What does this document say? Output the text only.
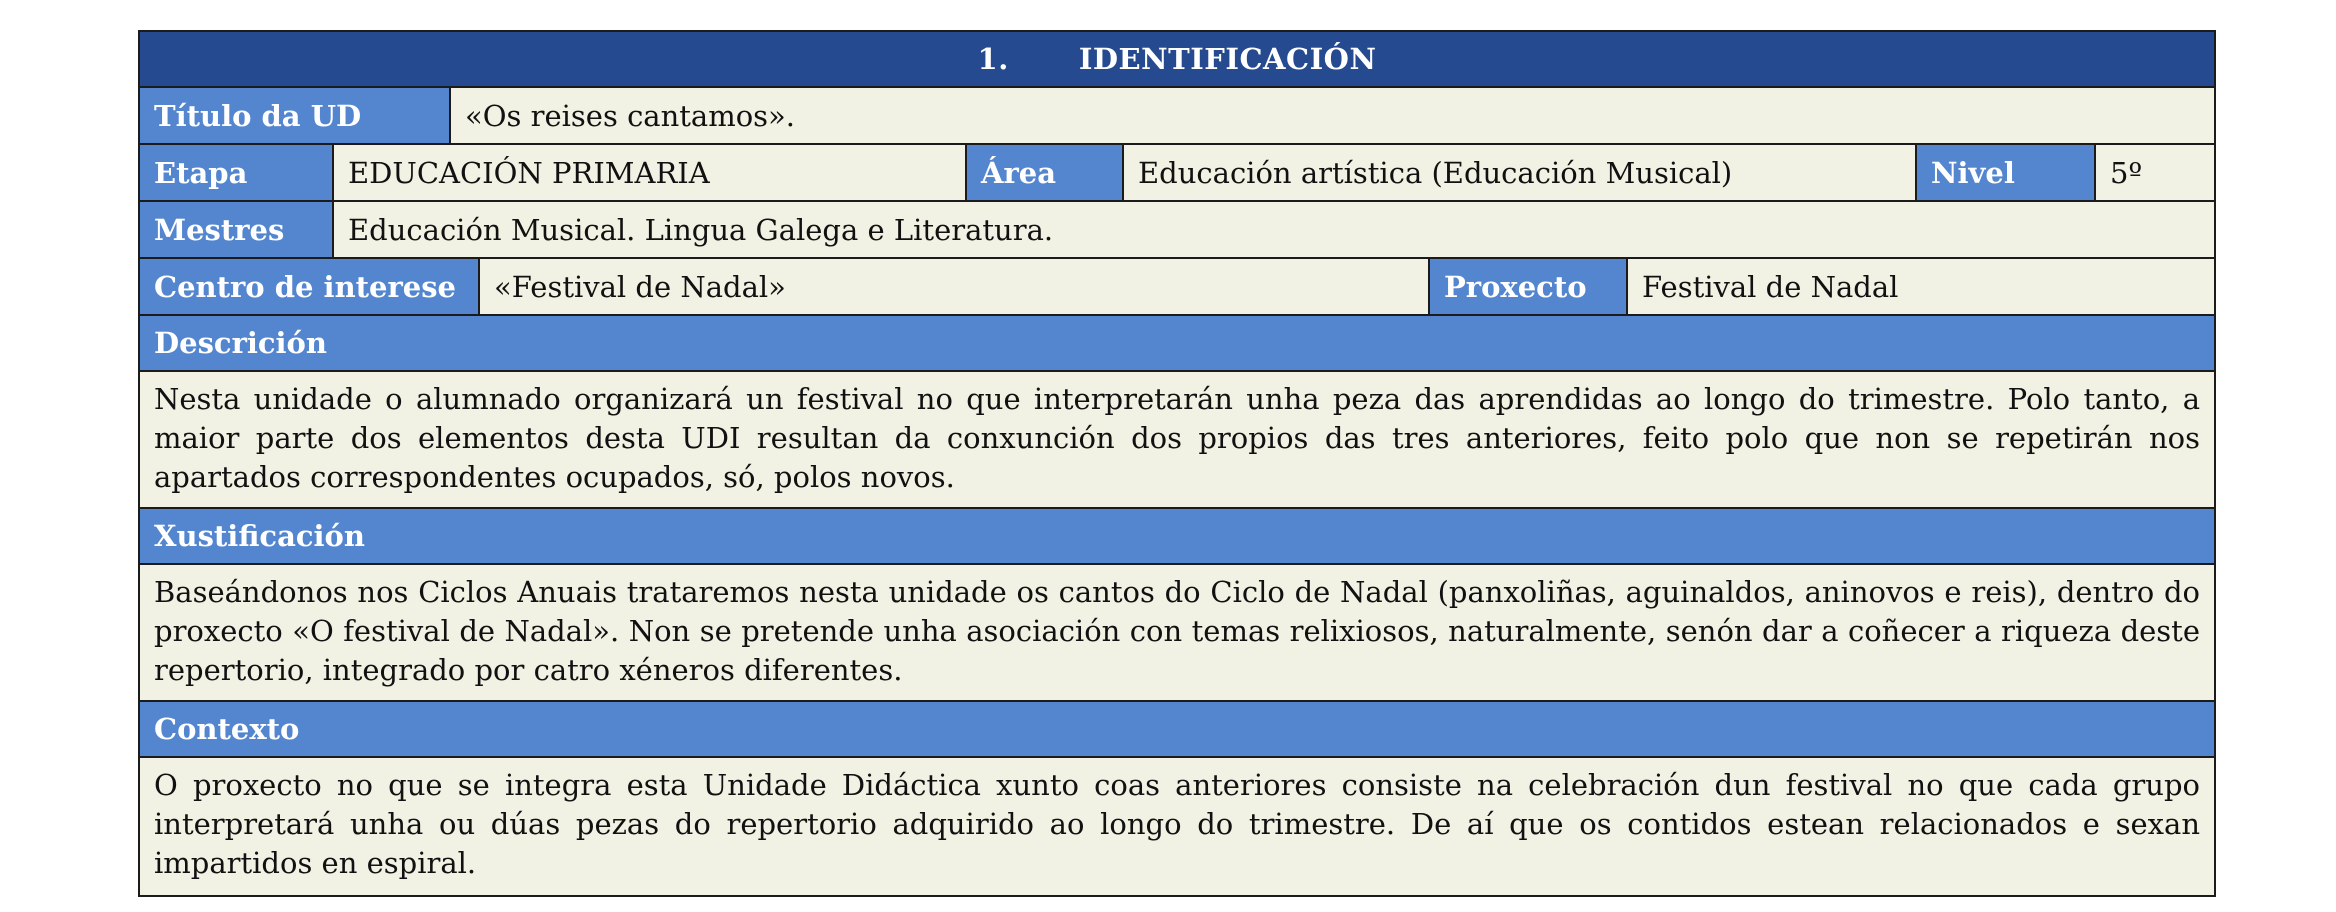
1. IDENTIFICACIÓN
Título da UD	«Os reises cantamos».
Etapa	EDUCACIÓN PRIMARIA	Área	Educación artística (Educación Musical)	Nivel	5º
Mestres	Educación Musical. Lingua Galega e Literatura.
Centro de interese	«Festival de Nadal»	Proxecto	Festival de Nadal
Descrición
Nesta unidade o alumnado organizará un festival no que interpretarán unha peza das aprendidas ao longo do trimestre. Polo tanto, a maior parte dos elementos desta UDI resultan da conxunción dos propios das tres anteriores, feito polo que non se repetirán nos apartados correspondentes ocupados, só, polos novos.
Xustificación
Baseándonos nos Ciclos Anuais trataremos nesta unidade os cantos do Ciclo de Nadal (panxoliñas, aguinaldos, aninovos e reis), dentro do proxecto «O festival de Nadal». Non se pretende unha asociación con temas relixiosos, naturalmente, senón dar a coñecer a riqueza deste repertorio, integrado por catro xéneros diferentes.
Contexto
O proxecto no que se integra esta Unidade Didáctica xunto coas anteriores consiste na celebración dun festival no que cada grupo interpretará unha ou dúas pezas do repertorio adquirido ao longo do trimestre. De aí que os contidos estean relacionados e sexan impartidos en espiral.
